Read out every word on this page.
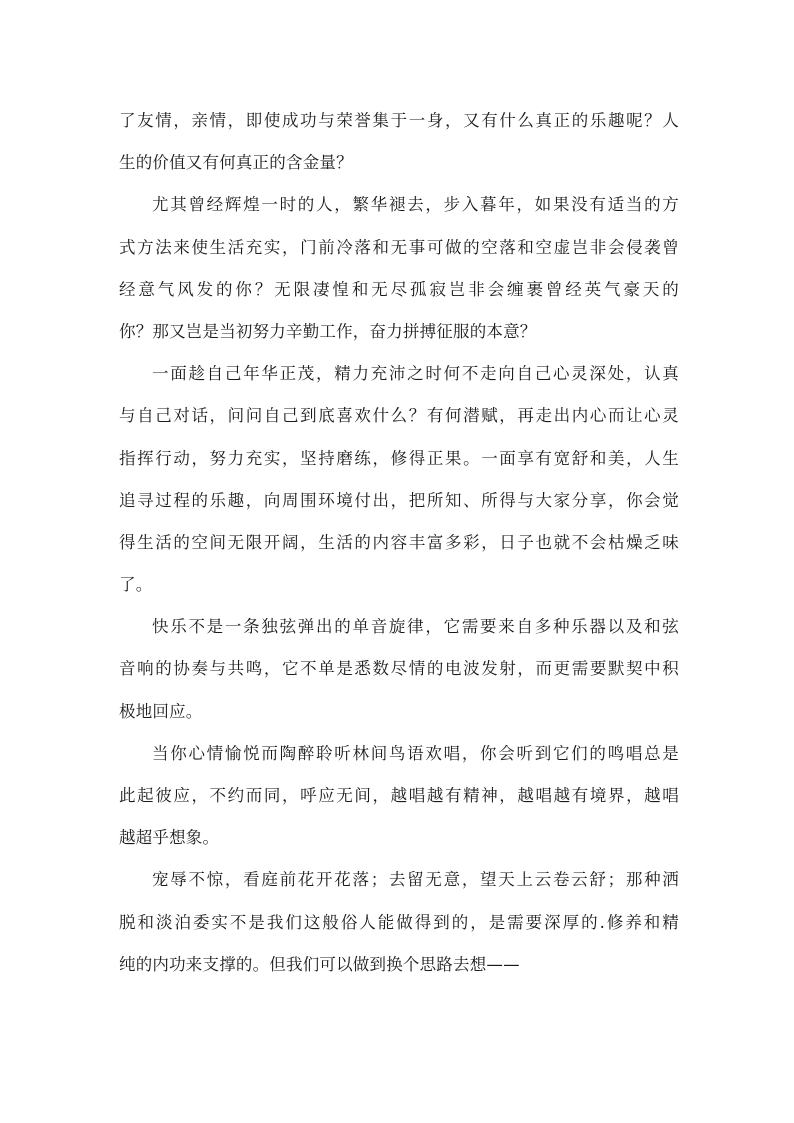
了友情，亲情，即使成功与荣誉集于一身，又有什么真正的乐趣呢？人
生的价值又有何真正的含金量？
尤其曾经辉煌一时的人，繁华褪去，步入暮年，如果没有适当的方
式方法来使生活充实，门前冷落和无事可做的空落和空虚岂非会侵袭曾
经意气风发的你？无限凄惶和无尽孤寂岂非会缠裹曾经英气豪天的
你？那又岂是当初努力辛勤工作，奋力拼搏征服的本意？
一面趁自己年华正茂，精力充沛之时何不走向自己心灵深处，认真
与自己对话，问问自己到底喜欢什么？有何潜赋，再走出内心而让心灵
指挥行动，努力充实，坚持磨练，修得正果。一面享有宽舒和美，人生
追寻过程的乐趣，向周围环境付出，把所知、所得与大家分享，你会觉
得生活的空间无限开阔，生活的内容丰富多彩，日子也就不会枯燥乏味
了。
快乐不是一条独弦弹出的单音旋律，它需要来自多种乐器以及和弦
音响的协奏与共鸣，它不单是悉数尽情的电波发射，而更需要默契中积
极地回应。
当你心情愉悦而陶醉聆听林间鸟语欢唱，你会听到它们的鸣唱总是
此起彼应，不约而同，呼应无间，越唱越有精神，越唱越有境界，越唱
越超乎想象。
宠辱不惊，看庭前花开花落；去留无意，望天上云卷云舒；那种洒
脱和淡泊委实不是我们这般俗人能做得到的，是需要深厚的.修养和精
纯的内功来支撑的。但我们可以做到换个思路去想——
